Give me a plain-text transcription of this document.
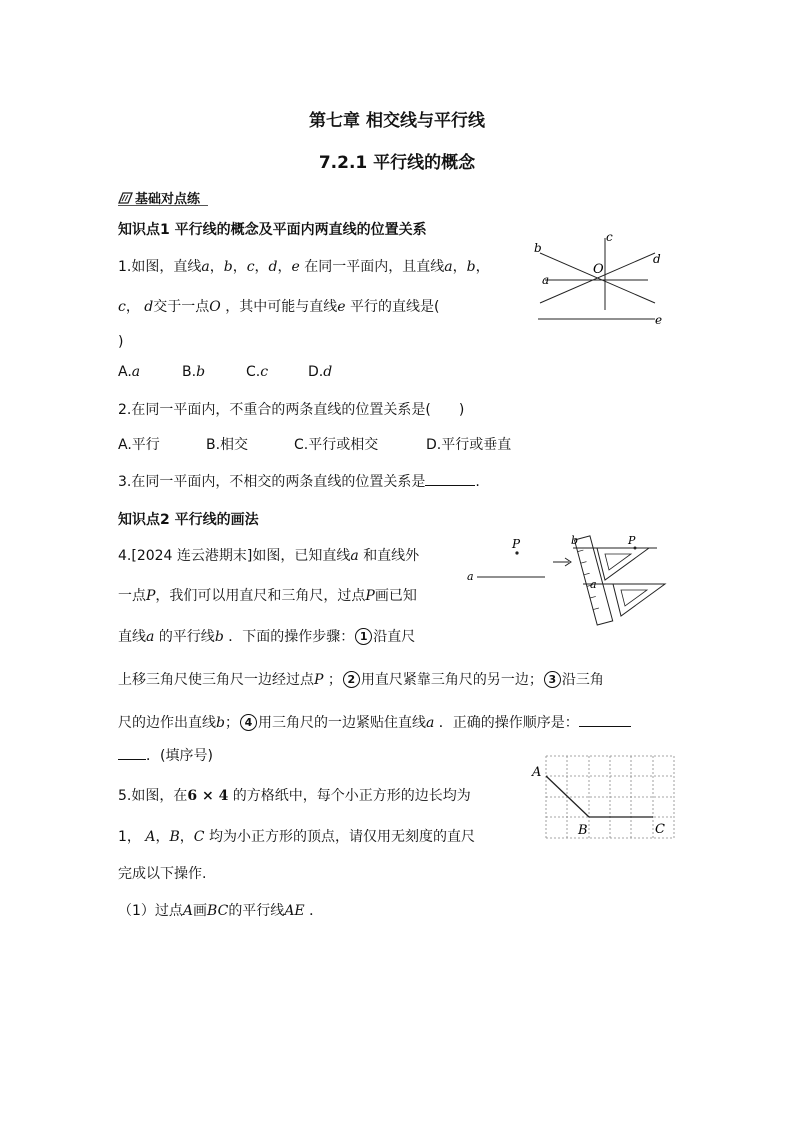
第七章 相交线与平行线
7.2.1 平行线的概念
基础对点练
知识点1 平行线的概念及平面内两直线的位置关系
1.如图，直线a，b，c，d，e 在同一平面内，且直线a，b，
c， d交于一点O ，其中可能与直线e 平行的直线是(
)
A.a	B.b	C.c	D.d
b
c
d
a
O
e
2.在同一平面内，不重合的两条直线的位置关系是(　　)
A.平行	B.相交	C.平行或相交	D.平行或垂直
3.在同一平面内，不相交的两条直线的位置关系是	.
知识点2 平行线的画法
4.[2024 连云港期末]如图，已知直线a 和直线外
一点P，我们可以用直尺和三角尺，过点P画已知
直线a 的平行线b ．下面的操作步骤： 1 沿直尺
上移三角尺使三角尺一边经过点P ； 2 用直尺紧靠三角尺的另一边； 3 沿三角
尺的边作出直线b； 4 用三角尺的一边紧贴住直线a ．正确的操作顺序是：
．(填序号)
P
a
b	P
a
5.如图，在6 × 4 的方格纸中，每个小正方形的边长均为
1， A，B，C 均为小正方形的顶点，请仅用无刻度的直尺
完成以下操作.
（1）过点A画BC的平行线AE ．
A
B	C
